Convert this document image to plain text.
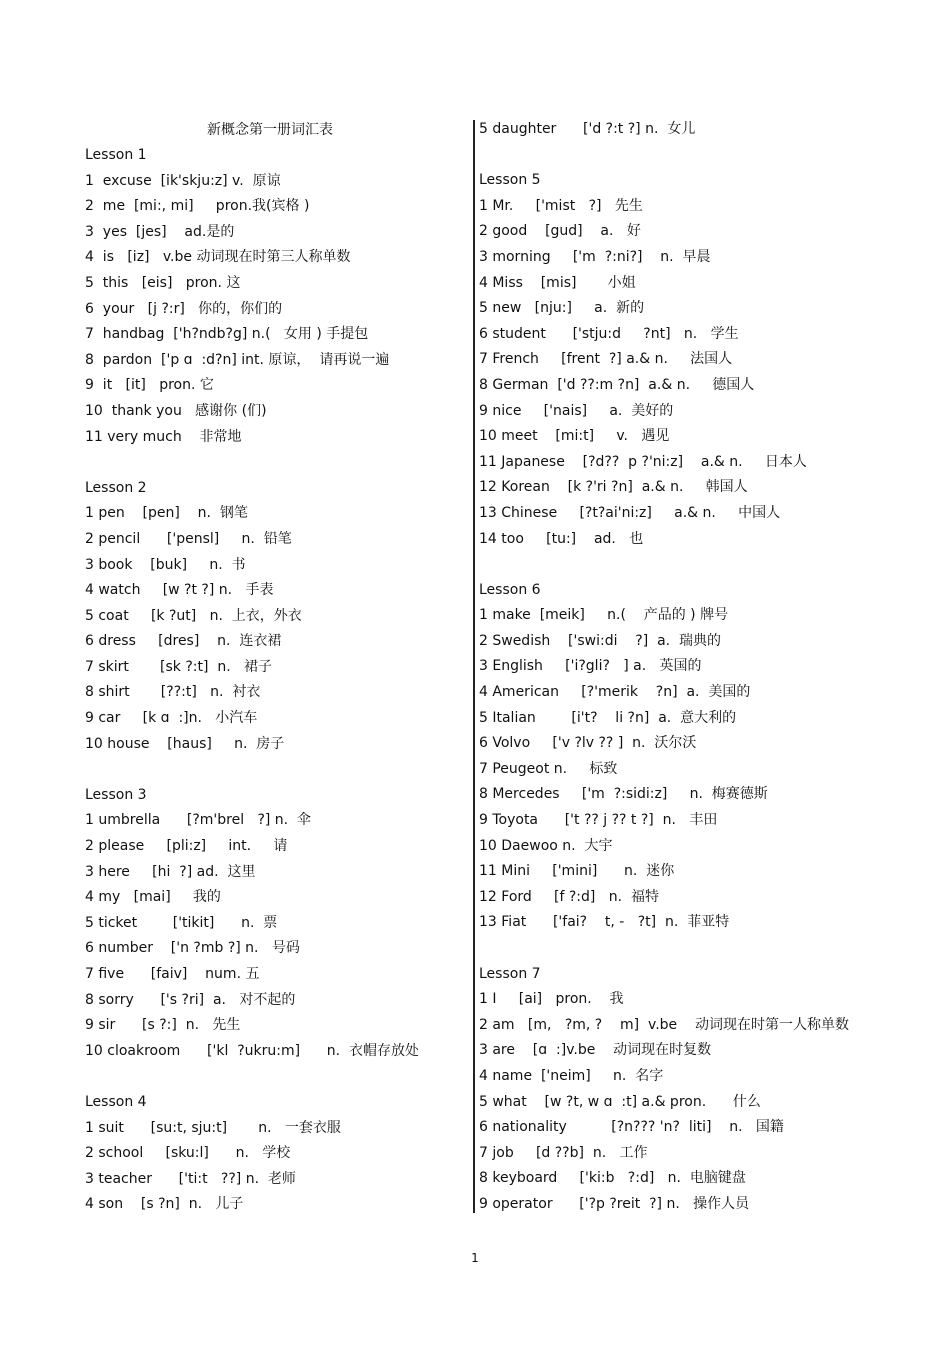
新概念第一册词汇表
Lesson 1
1  excuse  [ik'skju:z] v.  原谅
2  me  [mi:, mi]     pron.我(宾格 )
3  yes  [jes]    ad.是的
4  is   [iz]   v.be 动词现在时第三人称单数
5  this   [eis]   pron. 这
6  your   [j ?:r]   你的，你们的
7  handbag  ['h?ndb?g] n.(   女用 ) 手提包
8  pardon  ['p ɑ  :d?n] int. 原谅，  请再说一遍
9  it   [it]   pron. 它
10  thank you   感谢你 (们)
11 very much    非常地
Lesson 2
1 pen    [pen]    n.  钢笔
2 pencil      ['pensl]     n.  铅笔
3 book    [buk]     n.  书
4 watch     [w ?t ?] n.   手表
5 coat     [k ?ut]   n.  上衣，外衣
6 dress     [dres]    n.  连衣裙
7 skirt       [sk ?:t]  n.   裙子
8 shirt       [??:t]   n.  衬衣
9 car     [k ɑ  :]n.   小汽车
10 house    [haus]     n.  房子
Lesson 3
1 umbrella      [?m'brel   ?] n.  伞
2 please     [pli:z]     int.     请
3 here     [hi  ?] ad.  这里
4 my   [mai]     我的
5 ticket        ['tikit]      n.  票
6 number    ['n ?mb ?] n.   号码
7 five      [faiv]    num. 五
8 sorry      ['s ?ri]  a.   对不起的
9 sir      [s ?:]  n.   先生
10 cloakroom      ['kl  ?ukru:m]      n.  衣帽存放处
Lesson 4
1 suit      [su:t, sju:t]       n.   一套衣服
2 school     [sku:l]      n.   学校
3 teacher      ['ti:t   ??] n.  老师
4 son    [s ?n]  n.   儿子
5 daughter      ['d ?:t ?] n.  女儿
Lesson 5
1 Mr.     ['mist   ?]   先生
2 good    [gud]    a.   好
3 morning     ['m  ?:ni?]    n.  早晨
4 Miss    [mis]       小姐
5 new   [nju:]     a.  新的
6 student      ['stju:d     ?nt]   n.   学生
7 French     [frent  ?] a.& n.     法国人
8 German  ['d ??:m ?n]  a.& n.     德国人
9 nice     ['nais]     a.  美好的
10 meet    [mi:t]     v.   遇见
11 Japanese    [?d??  p ?'ni:z]    a.& n.     日本人
12 Korean    [k ?'ri ?n]  a.& n.     韩国人
13 Chinese     [?t?ai'ni:z]     a.& n.     中国人
14 too     [tu:]    ad.   也
Lesson 6
1 make  [meik]     n.(    产品的 ) 牌号
2 Swedish    ['swi:di    ?]  a.  瑞典的
3 English     ['i?gli?   ] a.   英国的
4 American     [?'merik    ?n]  a.  美国的
5 Italian        [i't?    li ?n]  a.  意大利的
6 Volvo     ['v ?lv ?? ]  n.  沃尔沃
7 Peugeot n.     标致
8 Mercedes     ['m  ?:sidi:z]     n.  梅赛德斯
9 Toyota      ['t ?? j ?? t ?]  n.   丰田
10 Daewoo n.  大宇
11 Mini     ['mini]      n.  迷你
12 Ford     [f ?:d]   n.  福特
13 Fiat      ['fai?    t, -   ?t]  n.  菲亚特
Lesson 7
1 I     [ai]   pron.    我
2 am   [m,   ?m, ?    m]  v.be    动词现在时第一人称单数
3 are    [ɑ  :]v.be    动词现在时复数
4 name  ['neim]     n.  名字
5 what    [w ?t, w ɑ  :t] a.& pron.      什么
6 nationality          [?n??? 'n?  liti]    n.   国籍
7 job     [d ??b]  n.   工作
8 keyboard     ['ki:b   ?:d]   n.  电脑键盘
9 operator      ['?p ?reit  ?] n.   操作人员
1
